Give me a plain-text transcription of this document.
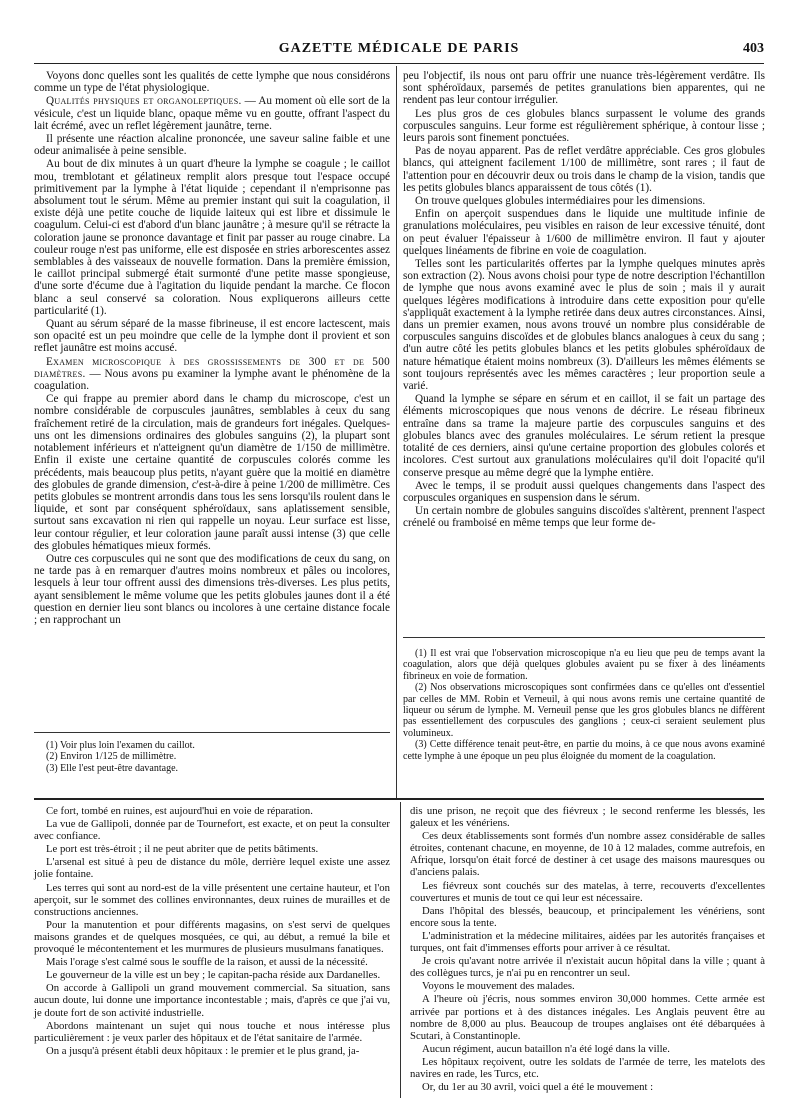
GAZETTE MÉDICALE DE PARIS	403

Voyons donc quelles sont les qualités de cette lymphe que nous considérons comme un type de l'état physiologique.

Qualités physiques et organoleptiques. — Au moment où elle sort de la vésicule, c'est un liquide blanc, opaque même vu en goutte, offrant l'aspect du lait écrémé, avec un reflet légèrement jaunâtre, terne.

Il présente une réaction alcaline prononcée, une saveur saline faible et une odeur animalisée à peine sensible.

Au bout de dix minutes à un quart d'heure la lymphe se coagule ; le caillot mou, tremblotant et gélatineux remplit alors presque tout l'espace occupé primitivement par la lymphe à l'état liquide ; cependant il n'emprisonne pas absolument tout le sérum. Même au premier instant qui suit la coagulation, il existe déjà une petite couche de liquide laiteux qui est libre et dissimule le coagulum. Celui-ci est d'abord d'un blanc jaunâtre ; à mesure qu'il se rétracte la coloration jaune se prononce davantage et finit par passer au rouge cinabre. La couleur rouge n'est pas uniforme, elle est disposée en stries arborescentes assez semblables à des vaisseaux de nouvelle formation. Dans la première émission, le caillot principal submergé était surmonté d'une petite masse spongieuse, d'une sorte d'écume due à l'agitation du liquide pendant la marche. Ce flocon blanc a seul conservé sa coloration. Nous expliquerons ailleurs cette particularité (1).

Quant au sérum séparé de la masse fibrineuse, il est encore lactescent, mais son opacité est un peu moindre que celle de la lymphe dont il provient et son reflet jaunâtre est moins accusé.

Examen microscopique à des grossissements de 300 et de 500 diamètres. — Nous avons pu examiner la lymphe avant le phénomène de la coagulation.

Ce qui frappe au premier abord dans le champ du microscope, c'est un nombre considérable de corpuscules jaunâtres, semblables à ceux du sang fraîchement retiré de la circulation, mais de grandeurs fort inégales. Quelques-uns ont les dimensions ordinaires des globules sanguins (2), la plupart sont notablement inférieurs et n'atteignent qu'un diamètre de 1/150 de millimètre. Enfin il existe une certaine quantité de corpuscules colorés comme les précédents, mais beaucoup plus petits, n'ayant guère que la moitié en diamètre des globules de grande dimension, c'est-à-dire à peine 1/200 de millimètre. Ces petits globules se montrent arrondis dans tous les sens lorsqu'ils roulent dans le liquide, et sont par conséquent sphéroïdaux, sans aplatissement sensible, surtout sans excavation ni rien qui rappelle un noyau. Leur surface est lisse, leur contour régulier, et leur coloration jaune paraît aussi intense (3) que celle des globules hématiques mieux formés.

Outre ces corpuscules qui ne sont que des modifications de ceux du sang, on ne tarde pas à en remarquer d'autres moins nombreux et pâles ou incolores, lesquels à leur tour offrent aussi des dimensions très-diverses. Les plus petits, ayant sensiblement le même volume que les petits globules jaunes dont il a été question en dernier lieu sont blancs ou incolores à une certaine distance focale ; en rapprochant un

peu l'objectif, ils nous ont paru offrir une nuance très-légèrement verdâtre. Ils sont sphéroïdaux, parsemés de petites granulations bien apparentes, qui ne rendent pas leur contour irrégulier.

Les plus gros de ces globules blancs surpassent le volume des grands corpuscules sanguins. Leur forme est régulièrement sphérique, à contour lisse ; leurs parois sont finement ponctuées.

Pas de noyau apparent. Pas de reflet verdâtre appréciable. Ces gros globules blancs, qui atteignent facilement 1/100 de millimètre, sont rares ; il faut de l'attention pour en découvrir deux ou trois dans le champ de la vision, tandis que les petits globules blancs apparaissent de tous côtés (1).

On trouve quelques globules intermédiaires pour les dimensions.

Enfin on aperçoit suspendues dans le liquide une multitude infinie de granulations moléculaires, peu visibles en raison de leur excessive ténuité, dont on peut évaluer l'épaisseur à 1/600 de millimètre environ. Il faut y ajouter quelques linéaments de fibrine en voie de coagulation.

Telles sont les particularités offertes par la lymphe quelques minutes après son extraction (2). Nous avons choisi pour type de notre description l'échantillon de lymphe que nous avons examiné avec le plus de soin ; mais il y aurait quelques légères modifications à introduire dans cette exposition pour qu'elle s'appliquât exactement à la lymphe retirée dans deux autres circonstances. Ainsi, dans un premier examen, nous avons trouvé un nombre plus considérable de corpuscules sanguins discoïdes et de globules blancs analogues à ceux du sang ; d'un autre côté les petits globules blancs et les petits globules sphéroïdaux de nature hématique étaient moins nombreux (3). D'ailleurs les mêmes éléments se sont toujours représentés avec les mêmes caractères ; leur proportion seule a varié.

Quand la lymphe se sépare en sérum et en caillot, il se fait un partage des éléments microscopiques que nous venons de décrire. Le réseau fibrineux entraîne dans sa trame la majeure partie des corpuscules sanguins et des globules blancs avec des granules moléculaires. Le sérum retient la presque totalité de ces derniers, ainsi qu'une certaine proportion des globules colorés et incolores. C'est surtout aux granulations moléculaires qu'il doit l'opacité qu'il conserve presque au même degré que la lymphe entière.

Avec le temps, il se produit aussi quelques changements dans l'aspect des corpuscules organiques en suspension dans le sérum.

Un certain nombre de globules sanguins discoïdes s'altèrent, prennent l'aspect crénelé ou framboisé en même temps que leur forme de-

(1) Voir plus loin l'examen du caillot.

(2) Environ 1/125 de millimètre.

(3) Elle l'est peut-être davantage.

(1) Il est vrai que l'observation microscopique n'a eu lieu que peu de temps avant la coagulation, alors que déjà quelques globules avaient pu se fixer à des linéaments fibrineux en voie de formation.

(2) Nos observations microscopiques sont confirmées dans ce qu'elles ont d'essentiel par celles de MM. Robin et Verneuil, à qui nous avons remis une certaine quantité de liqueur ou sérum de lymphe. M. Verneuil pense que les gros globules blancs ne diffèrent pas essentiellement des corpuscules des ganglions ; ceux-ci seraient seulement plus volumineux.

(3) Cette différence tenait peut-être, en partie du moins, à ce que nous avons examiné cette lymphe à une époque un peu plus éloignée du moment de la coagulation.

Ce fort, tombé en ruines, est aujourd'hui en voie de réparation.

La vue de Gallipoli, donnée par de Tournefort, est exacte, et on peut la consulter avec confiance.

Le port est très-étroit ; il ne peut abriter que de petits bâtiments.

L'arsenal est situé à peu de distance du môle, derrière lequel existe une assez jolie fontaine.

Les terres qui sont au nord-est de la ville présentent une certaine hauteur, et l'on aperçoit, sur le sommet des collines environnantes, deux ruines de murailles et de constructions anciennes.

Pour la manutention et pour différents magasins, on s'est servi de quelques maisons grandes et de quelques mosquées, ce qui, au début, a remué la bile et provoqué le mécontentement et les murmures de plusieurs musulmans fanatiques.

Mais l'orage s'est calmé sous le souffle de la raison, et aussi de la nécessité.

Le gouverneur de la ville est un bey ; le capitan-pacha réside aux Dardanelles.

On accorde à Gallipoli un grand mouvement commercial. Sa situation, sans aucun doute, lui donne une importance incontestable ; mais, d'après ce que j'ai vu, je doute fort de son activité industrielle.

Abordons maintenant un sujet qui nous touche et nous intéresse plus particulièrement : je veux parler des hôpitaux et de l'état sanitaire de l'armée.

On a jusqu'à présent établi deux hôpitaux : le premier et le plus grand, ja-

dis une prison, ne reçoit que des fiévreux ; le second renferme les blessés, les galeux et les vénériens.

Ces deux établissements sont formés d'un nombre assez considérable de salles étroites, contenant chacune, en moyenne, de 10 à 12 malades, comme autrefois, en Afrique, lorsqu'on était forcé de destiner à cet usage des maisons mauresques ou d'anciens palais.

Les fiévreux sont couchés sur des matelas, à terre, recouverts d'excellentes couvertures et munis de tout ce qui leur est nécessaire.

Dans l'hôpital des blessés, beaucoup, et principalement les vénériens, sont encore sous la tente.

L'administration et la médecine militaires, aidées par les autorités françaises et turques, ont fait d'immenses efforts pour arriver à ce résultat.

Je crois qu'avant notre arrivée il n'existait aucun hôpital dans la ville ; quant à des collègues turcs, je n'ai pu en rencontrer un seul.

Voyons le mouvement des malades.

A l'heure où j'écris, nous sommes environ 30,000 hommes. Cette armée est arrivée par portions et à des distances inégales. Les Anglais peuvent être au nombre de 8,000 au plus. Beaucoup de troupes anglaises ont été débarquées à Scutari, à Constantinople.

Aucun régiment, aucun bataillon n'a été logé dans la ville.

Les hôpitaux reçoivent, outre les soldats de l'armée de terre, les matelots des navires en rade, les Turcs, etc.

Or, du 1er au 30 avril, voici quel a été le mouvement :
